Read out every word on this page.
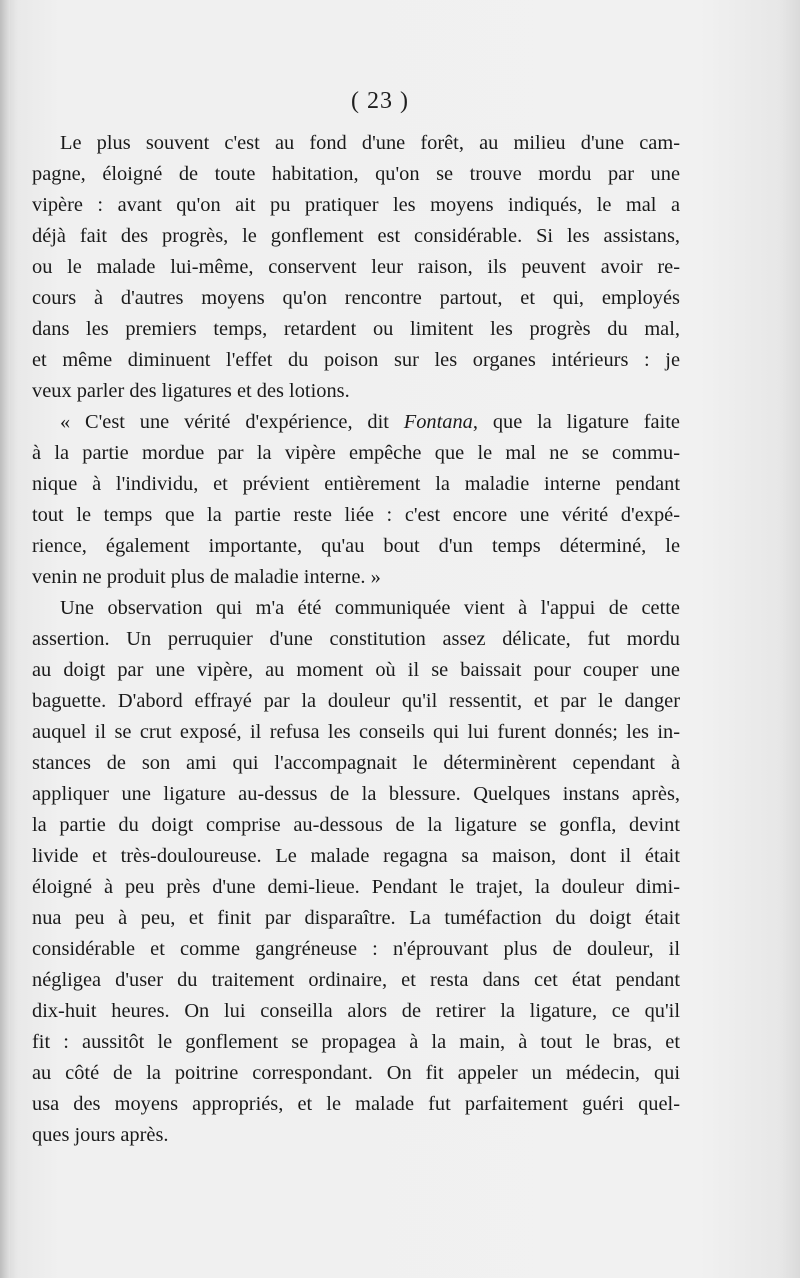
( 23 )
Le plus souvent c'est au fond d'une forêt, au milieu d'une cam-
pagne, éloigné de toute habitation, qu'on se trouve mordu par une
vipère : avant qu'on ait pu pratiquer les moyens indiqués, le mal a
déjà fait des progrès, le gonflement est considérable. Si les assistans,
ou le malade lui-même, conservent leur raison, ils peuvent avoir re-
cours à d'autres moyens qu'on rencontre partout, et qui, employés
dans les premiers temps, retardent ou limitent les progrès du mal,
et même diminuent l'effet du poison sur les organes intérieurs : je
veux parler des ligatures et des lotions.
« C'est une vérité d'expérience, dit Fontana, que la ligature faite
à la partie mordue par la vipère empêche que le mal ne se commu-
nique à l'individu, et prévient entièrement la maladie interne pendant
tout le temps que la partie reste liée : c'est encore une vérité d'expé-
rience, également importante, qu'au bout d'un temps déterminé, le
venin ne produit plus de maladie interne. »
Une observation qui m'a été communiquée vient à l'appui de cette
assertion. Un perruquier d'une constitution assez délicate, fut mordu
au doigt par une vipère, au moment où il se baissait pour couper une
baguette. D'abord effrayé par la douleur qu'il ressentit, et par le danger
auquel il se crut exposé, il refusa les conseils qui lui furent donnés; les in-
stances de son ami qui l'accompagnait le déterminèrent cependant à
appliquer une ligature au-dessus de la blessure. Quelques instans après,
la partie du doigt comprise au-dessous de la ligature se gonfla, devint
livide et très-douloureuse. Le malade regagna sa maison, dont il était
éloigné à peu près d'une demi-lieue. Pendant le trajet, la douleur dimi-
nua peu à peu, et finit par disparaître. La tuméfaction du doigt était
considérable et comme gangréneuse : n'éprouvant plus de douleur, il
négligea d'user du traitement ordinaire, et resta dans cet état pendant
dix-huit heures. On lui conseilla alors de retirer la ligature, ce qu'il
fit : aussitôt le gonflement se propagea à la main, à tout le bras, et
au côté de la poitrine correspondant. On fit appeler un médecin, qui
usa des moyens appropriés, et le malade fut parfaitement guéri quel-
ques jours après.
